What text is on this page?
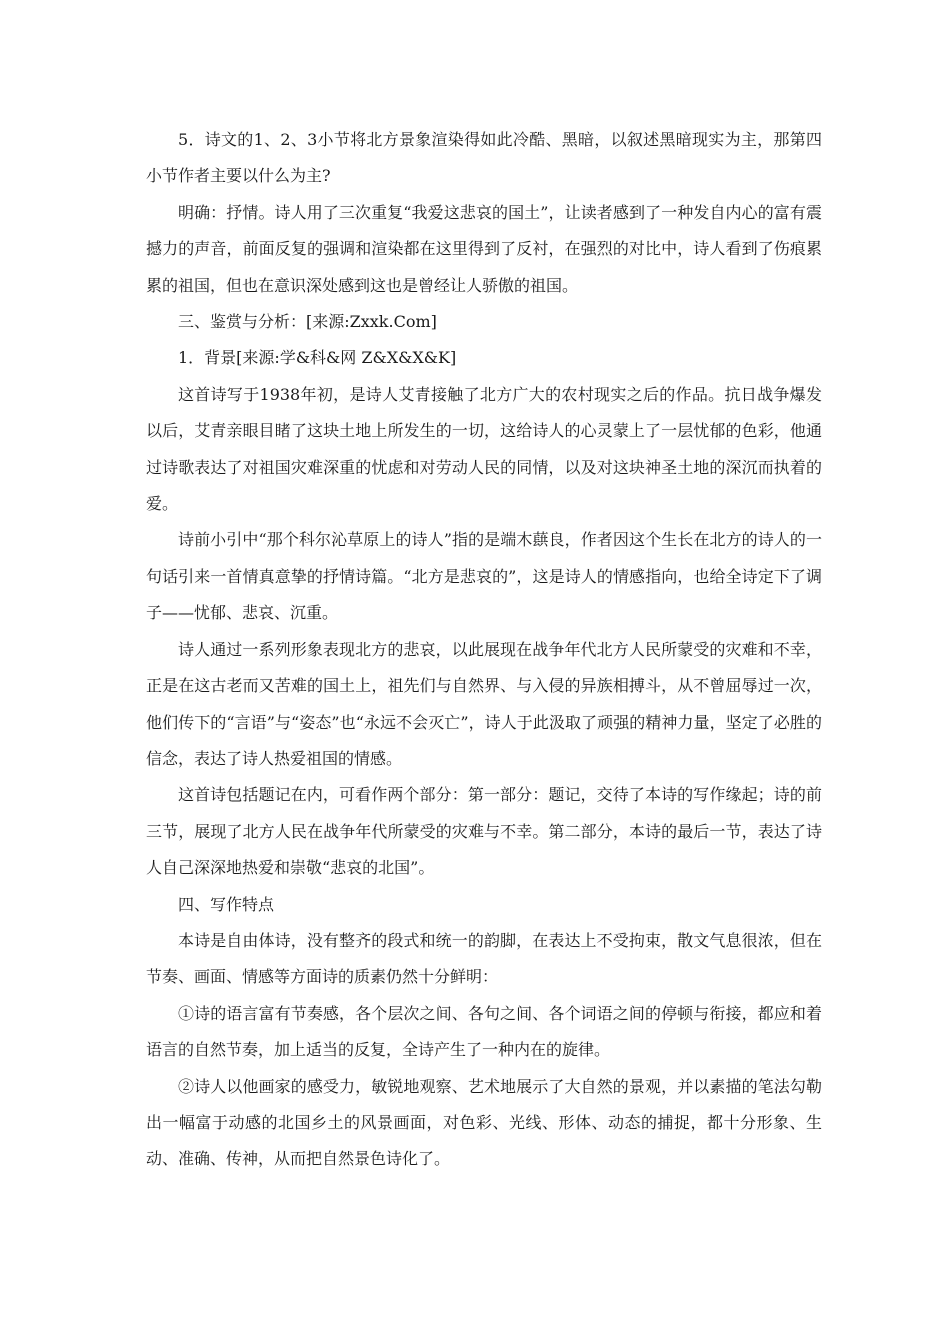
5．诗文的1、2、3小节将北方景象渲染得如此冷酷、黑暗，以叙述黑暗现实为主，那第四小节作者主要以什么为主?

明确：抒情。诗人用了三次重复“我爱这悲哀的国土”，让读者感到了一种发自内心的富有震撼力的声音，前面反复的强调和渲染都在这里得到了反衬，在强烈的对比中，诗人看到了伤痕累累的祖国，但也在意识深处感到这也是曾经让人骄傲的祖国。

三、鉴赏与分析：[来源:Zxxk.Com]

1．背景[来源:学&科&网 Z&X&X&K]

这首诗写于1938年初，是诗人艾青接触了北方广大的农村现实之后的作品。抗日战争爆发以后，艾青亲眼目睹了这块土地上所发生的一切，这给诗人的心灵蒙上了一层忧郁的色彩，他通过诗歌表达了对祖国灾难深重的忧虑和对劳动人民的同情，以及对这块神圣土地的深沉而执着的爱。

诗前小引中“那个科尔沁草原上的诗人”指的是端木蕻良，作者因这个生长在北方的诗人的一句话引来一首情真意挚的抒情诗篇。“北方是悲哀的”，这是诗人的情感指向，也给全诗定下了调子——忧郁、悲哀、沉重。

诗人通过一系列形象表现北方的悲哀，以此展现在战争年代北方人民所蒙受的灾难和不幸，正是在这古老而又苦难的国土上，祖先们与自然界、与入侵的异族相搏斗，从不曾屈辱过一次，他们传下的“言语”与“姿态”也“永远不会灭亡”，诗人于此汲取了顽强的精神力量，坚定了必胜的信念，表达了诗人热爱祖国的情感。

这首诗包括题记在内，可看作两个部分：第一部分：题记，交待了本诗的写作缘起；诗的前三节，展现了北方人民在战争年代所蒙受的灾难与不幸。第二部分，本诗的最后一节，表达了诗人自己深深地热爱和崇敬“悲哀的北国”。

四、写作特点

本诗是自由体诗，没有整齐的段式和统一的韵脚，在表达上不受拘束，散文气息很浓，但在节奏、画面、情感等方面诗的质素仍然十分鲜明：

①诗的语言富有节奏感，各个层次之间、各句之间、各个词语之间的停顿与衔接，都应和着语言的自然节奏，加上适当的反复，全诗产生了一种内在的旋律。

②诗人以他画家的感受力，敏锐地观察、艺术地展示了大自然的景观，并以素描的笔法勾勒出一幅富于动感的北国乡土的风景画面，对色彩、光线、形体、动态的捕捉，都十分形象、生动、准确、传神，从而把自然景色诗化了。
